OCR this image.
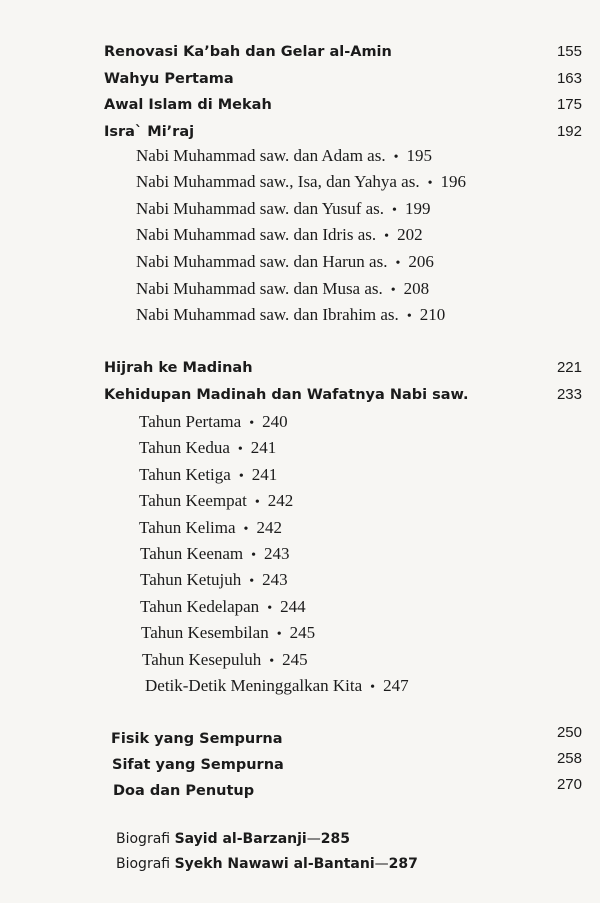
Renovasi Ka’bah dan Gelar al-Amin	155
Wahyu Pertama	163
Awal Islam di Mekah	175
Isra` Mi’raj	192
Nabi Muhammad saw. dan Adam as. • 195
Nabi Muhammad saw., Isa, dan Yahya as. • 196
Nabi Muhammad saw. dan Yusuf as. • 199
Nabi Muhammad saw. dan Idris as. • 202
Nabi Muhammad saw. dan Harun as. • 206
Nabi Muhammad saw. dan Musa as. • 208
Nabi Muhammad saw. dan Ibrahim as. • 210
Hijrah ke Madinah	221
Kehidupan Madinah dan Wafatnya Nabi saw.	233
Tahun Pertama • 240
Tahun Kedua • 241
Tahun Ketiga • 241
Tahun Keempat • 242
Tahun Kelima • 242
Tahun Keenam • 243
Tahun Ketujuh • 243
Tahun Kedelapan • 244
Tahun Kesembilan • 245
Tahun Kesepuluh • 245
Detik-Detik Meninggalkan Kita • 247
Fisik yang Sempurna	250
Sifat yang Sempurna	258
Doa dan Penutup	270
Biografi Sayid al-Barzanji—285
Biografi Syekh Nawawi al-Bantani—287
